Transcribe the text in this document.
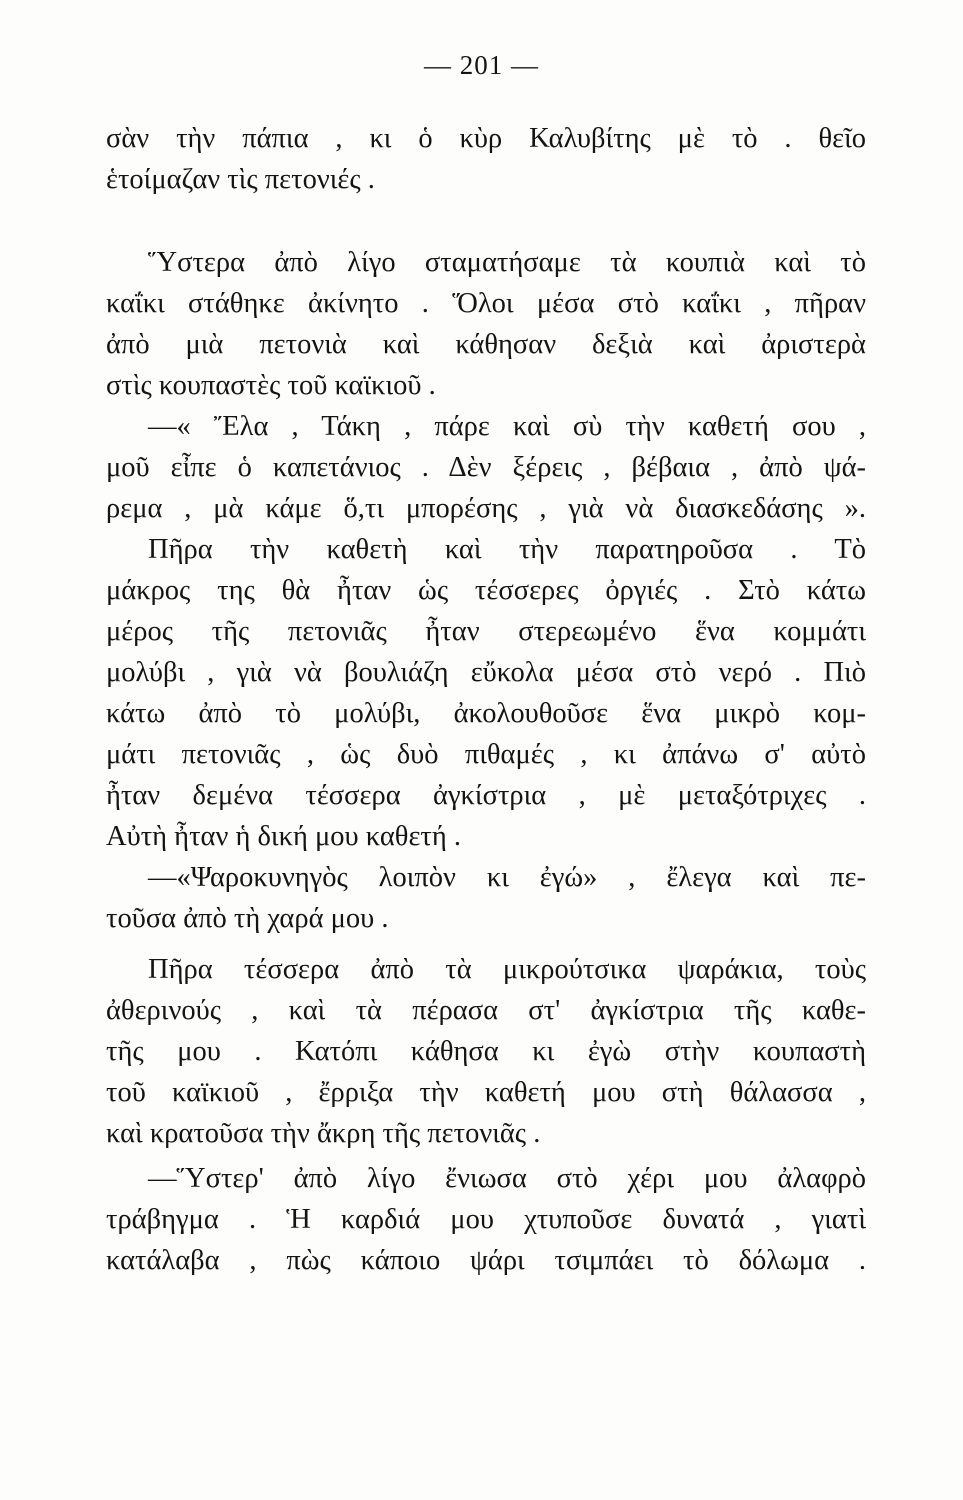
— 201 —
σὰν τὴν πάπια , κι ὁ κὺρ Καλυβίτης μὲ τὸ . θεῖο
ἑτοίμαζαν τὶς πετονιές .
Ὕστερα ἀπὸ λίγο σταματήσαμε τὰ κουπιὰ καὶ τὸ
καΐκι στάθηκε ἀκίνητο . Ὅλοι μέσα στὸ καΐκι , πῆραν
ἀπὸ μιὰ πετονιὰ καὶ κάθησαν δεξιὰ καὶ ἀριστερὰ
στὶς κουπαστὲς τοῦ καϊκιοῦ .
—« Ἔλα , Τάκη , πάρε καὶ σὺ τὴν καθετή σου ,
μοῦ εἶπε ὁ καπετάνιος . Δὲν ξέρεις , βέβαια , ἀπὸ ψά-
ρεμα , μὰ κάμε ὅ,τι μπορέσης , γιὰ νὰ διασκεδάσης ».
Πῆρα τὴν καθετὴ καὶ τὴν παρατηροῦσα . Τὸ
μάκρος της θὰ ἦταν ὡς τέσσερες ὀργιές . Στὸ κάτω
μέρος τῆς πετονιᾶς ἦταν στερεωμένο ἕνα κομμάτι
μολύβι , γιὰ νὰ βουλιάζη εὔκολα μέσα στὸ νερό . Πιὸ
κάτω ἀπὸ τὸ μολύβι, ἀκολουθοῦσε ἕνα μικρὸ κομ-
μάτι πετονιᾶς , ὡς δυὸ πιθαμές , κι ἀπάνω σ' αὐτὸ
ἦταν δεμένα τέσσερα ἀγκίστρια , μὲ μεταξότριχες .
Αὐτὴ ἦταν ἡ δική μου καθετή .
—«Ψαροκυνηγὸς λοιπὸν κι ἐγώ» , ἔλεγα καὶ πε-
τοῦσα ἀπὸ τὴ χαρά μου .
Πῆρα τέσσερα ἀπὸ τὰ μικρούτσικα ψαράκια, τοὺς
ἀθερινούς , καὶ τὰ πέρασα στ' ἀγκίστρια τῆς καθε-
τῆς μου . Κατόπι κάθησα κι ἐγὼ στὴν κουπαστὴ
τοῦ καϊκιοῦ , ἔρριξα τὴν καθετή μου στὴ θάλασσα ,
καὶ κρατοῦσα τὴν ἄκρη τῆς πετονιᾶς .
—Ὕστερ' ἀπὸ λίγο ἔνιωσα στὸ χέρι μου ἀλαφρὸ
τράβηγμα . Ἡ καρδιά μου χτυποῦσε δυνατά , γιατὶ
κατάλαβα , πὼς κάποιο ψάρι τσιμπάει τὸ δόλωμα .
